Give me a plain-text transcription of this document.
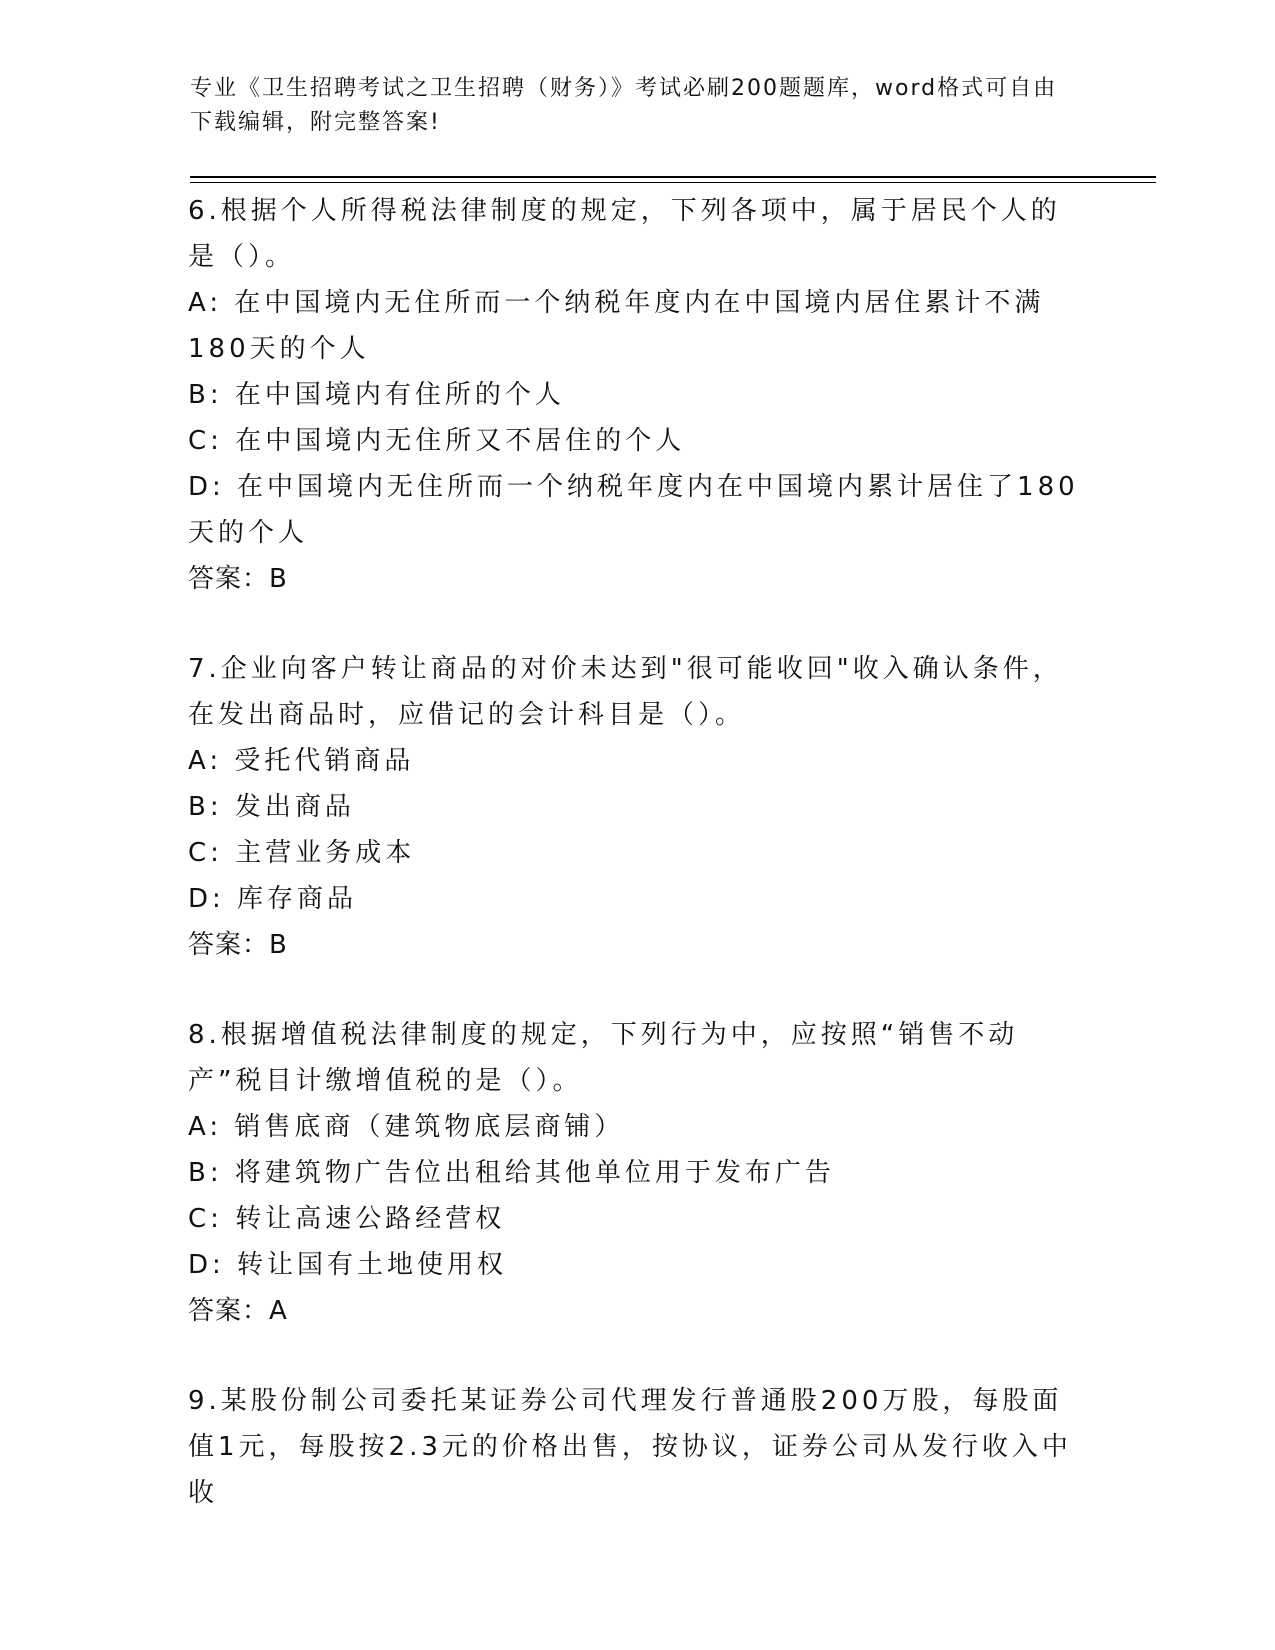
专业《卫生招聘考试之卫生招聘（财务）》考试必刷200题题库，word格式可自由下载编辑，附完整答案!

6.根据个人所得税法律制度的规定，下列各项中，属于居民个人的是（）。

A: 在中国境内无住所而一个纳税年度内在中国境内居住累计不满180天的个人

B: 在中国境内有住所的个人

C: 在中国境内无住所又不居住的个人

D: 在中国境内无住所而一个纳税年度内在中国境内累计居住了180天的个人

答案：B

7.企业向客户转让商品的对价未达到"很可能收回"收入确认条件，在发出商品时，应借记的会计科目是（）。

A: 受托代销商品

B: 发出商品

C: 主营业务成本

D: 库存商品

答案：B

8.根据增值税法律制度的规定，下列行为中，应按照“销售不动产”税目计缴增值税的是（）。

A: 销售底商（建筑物底层商铺）

B: 将建筑物广告位出租给其他单位用于发布广告

C: 转让高速公路经营权

D: 转让国有土地使用权

答案：A

9.某股份制公司委托某证券公司代理发行普通股200万股，每股面值1元，每股按2.3元的价格出售，按协议，证券公司从发行收入中收
